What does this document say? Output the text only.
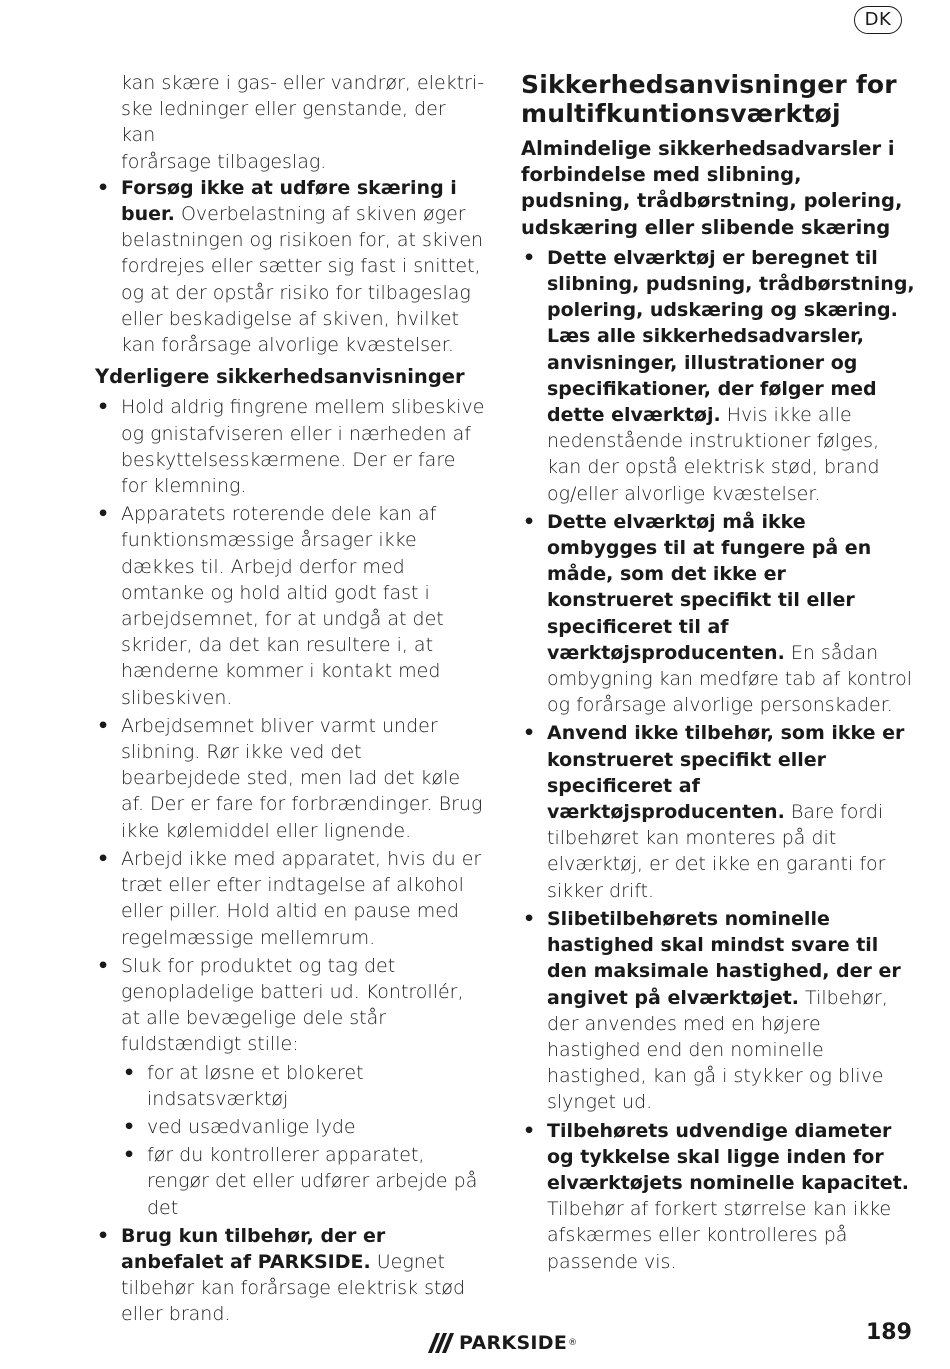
DK
kan skære i gas- eller vandrør, elektri-
ske ledninger eller genstande, der kan
forårsage tilbageslag.
• Forsøg ikke at udføre skæring i buer. Overbelastning af skiven øger belastningen og risikoen for, at skiven fordrejes eller sætter sig fast i snittet, og at der opstår risiko for tilbageslag eller beskadigelse af skiven, hvilket kan forårsage alvorlige kvæstelser.
Yderligere sikkerhedsanvisninger
• Hold aldrig fingrene mellem slibeskive og gnistafviseren eller i nærheden af beskyttelsesskærmene. Der er fare for klemning.
• Apparatets roterende dele kan af funktionsmæssige årsager ikke dækkes til. Arbejd derfor med omtanke og hold altid godt fast i arbejdsemnet, for at undgå at det skrider, da det kan resultere i, at hænderne kommer i kontakt med slibeskiven.
• Arbejdsemnet bliver varmt under slibning. Rør ikke ved det bearbejdede sted, men lad det køle af. Der er fare for forbrændinger. Brug ikke kølemiddel eller lignende.
• Arbejd ikke med apparatet, hvis du er træt eller efter indtagelse af alkohol eller piller. Hold altid en pause med regelmæssige mellemrum.
• Sluk for produktet og tag det genopladelige batteri ud. Kontrollér, at alle bevægelige dele står fuldstændigt stille:
• for at løsne et blokeret indsatsværktøj
• ved usædvanlige lyde
• før du kontrollerer apparatet, rengør det eller udfører arbejde på det
• Brug kun tilbehør, der er anbefalet af PARKSIDE. Uegnet tilbehør kan forårsage elektrisk stød eller brand.
Sikkerhedsanvisninger for multifkuntionsværktøj
Almindelige sikkerhedsadvarsler i forbindelse med slibning, pudsning, trådbørstning, polering, udskæring eller slibende skæring
• Dette elværktøj er beregnet til slibning, pudsning, trådbørstning, polering, udskæring og skæring. Læs alle sikkerhedsadvarsler, anvisninger, illustrationer og specifikationer, der følger med dette elværktøj. Hvis ikke alle nedenstående instruktioner følges, kan der opstå elektrisk stød, brand og/eller alvorlige kvæstelser.
• Dette elværktøj må ikke ombygges til at fungere på en måde, som det ikke er konstrueret specifikt til eller specificeret til af værktøjsproducenten. En sådan ombygning kan medføre tab af kontrol og forårsage alvorlige personskader.
• Anvend ikke tilbehør, som ikke er konstrueret specifikt eller specificeret af værktøjsproducenten. Bare fordi tilbehøret kan monteres på dit elværktøj, er det ikke en garanti for sikker drift.
• Slibetilbehørets nominelle hastighed skal mindst svare til den maksimale hastighed, der er angivet på elværktøjet. Tilbehør, der anvendes med en højere hastighed end den nominelle hastighed, kan gå i stykker og blive slynget ud.
• Tilbehørets udvendige diameter og tykkelse skal ligge inden for elværktøjets nominelle kapacitet. Tilbehør af forkert størrelse kan ikke afskærmes eller kontrolleres på passende vis.
PARKSIDE ®	189
